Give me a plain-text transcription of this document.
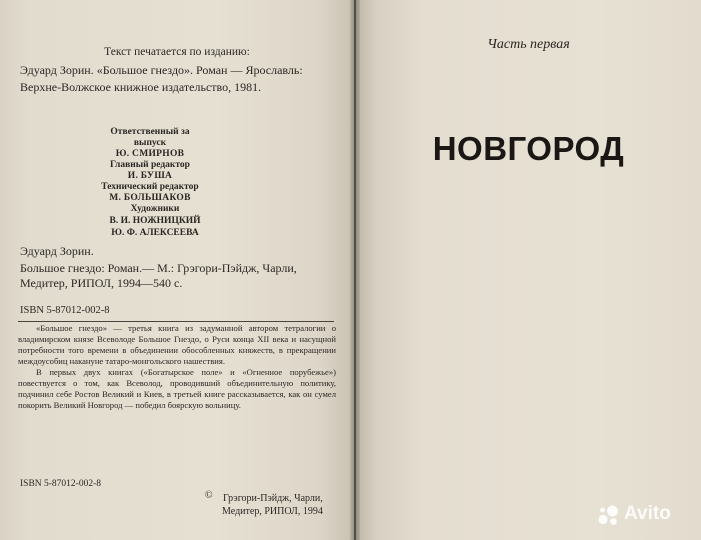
Текст печатается по изданию:
Эдуард Зорин. «Большое гнездо». Роман — Ярославль:
Верхне-Волжское книжное издательство, 1981.
Ответственный за выпуск
Ю. СМИРНОВ
Главный редактор
И. БУША
Технический редактор
М. БОЛЬШАКОВ
Художники
В. И. НОЖНИЦКИЙ
Ю. Ф. АЛЕКСЕЕВА
Эдуард Зорин.
Большое гнездо: Роман.— М.: Грэгори-Пэйдж, Чарли,
Медитер, РИПОЛ, 1994—540 с.
ISBN 5-87012-002-8

«Большое гнездо» — третья книга из задуманной автором тетралогии о владимирском князе Всеволоде Большое Гнездо, о Руси конца XII века и насущной потребности того времени в объединении обособленных княжеств, в прекращении междоусобиц накануне татаро-монгольского нашествия.

В первых двух книгах («Богатырское поле» и «Огненное порубежье») повествуется о том, как Всеволод, проводивший объединительную политику, подчинил себе Ростов Великий и Киев, в третьей книге рассказывается, как он сумел покорить Великий Новгород — победил боярскую вольницу.

ISBN 5-87012-002-8
© Грэгори-Пэйдж, Чарли,
Медитер, РИПОЛ, 1994
Часть первая
НОВГОРОД
Avito
